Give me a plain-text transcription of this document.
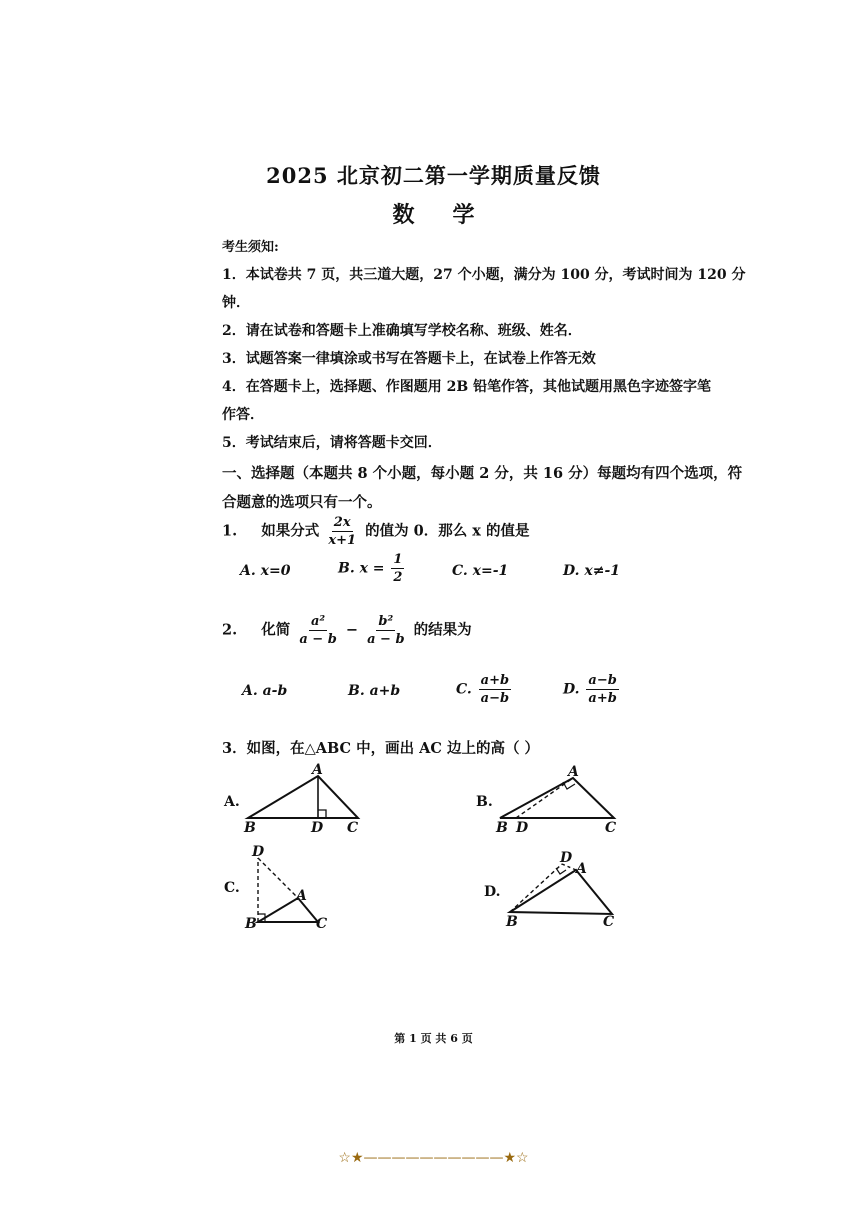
2025 北京初二第一学期质量反馈
数学
考生须知:
1．本试卷共 7 页，共三道大题，27 个小题，满分为 100 分，考试时间为 120 分
钟．
2．请在试卷和答题卡上准确填写学校名称、班级、姓名．
3．试题答案一律填涂或书写在答题卡上，在试卷上作答无效
4．在答题卡上，选择题、作图题用 2B 铅笔作答，其他试题用黑色字迹签字笔
作答．
5．考试结束后，请将答题卡交回．
一、选择题（本题共 8 个小题，每小题 2 分，共 16 分）每题均有四个选项，符
合题意的选项只有一个。
1. 如果分式 $\frac{2x}{x+1}$ 的值为 0．那么 x 的值是
A. x=0	B. $x = \frac{1}{2}$	C. x=-1	D. x≠-1
2. 化简 $\frac{\text{a²}}{a - b} - \frac{\text{b²}}{a - b}$ 的结果为
A. a-b	B. a+b	C. $\frac{a+b}{a-b}$	D. $\frac{a-b}{a+b}$
3．如图，在△ABC 中，画出 AC 边上的高（ ）
A.
A
B	D C
B.
A
B D	C
C.
D
A
B	C
D.
D
A
B	C
第 1 页 共 6 页
☆★——————————★☆
